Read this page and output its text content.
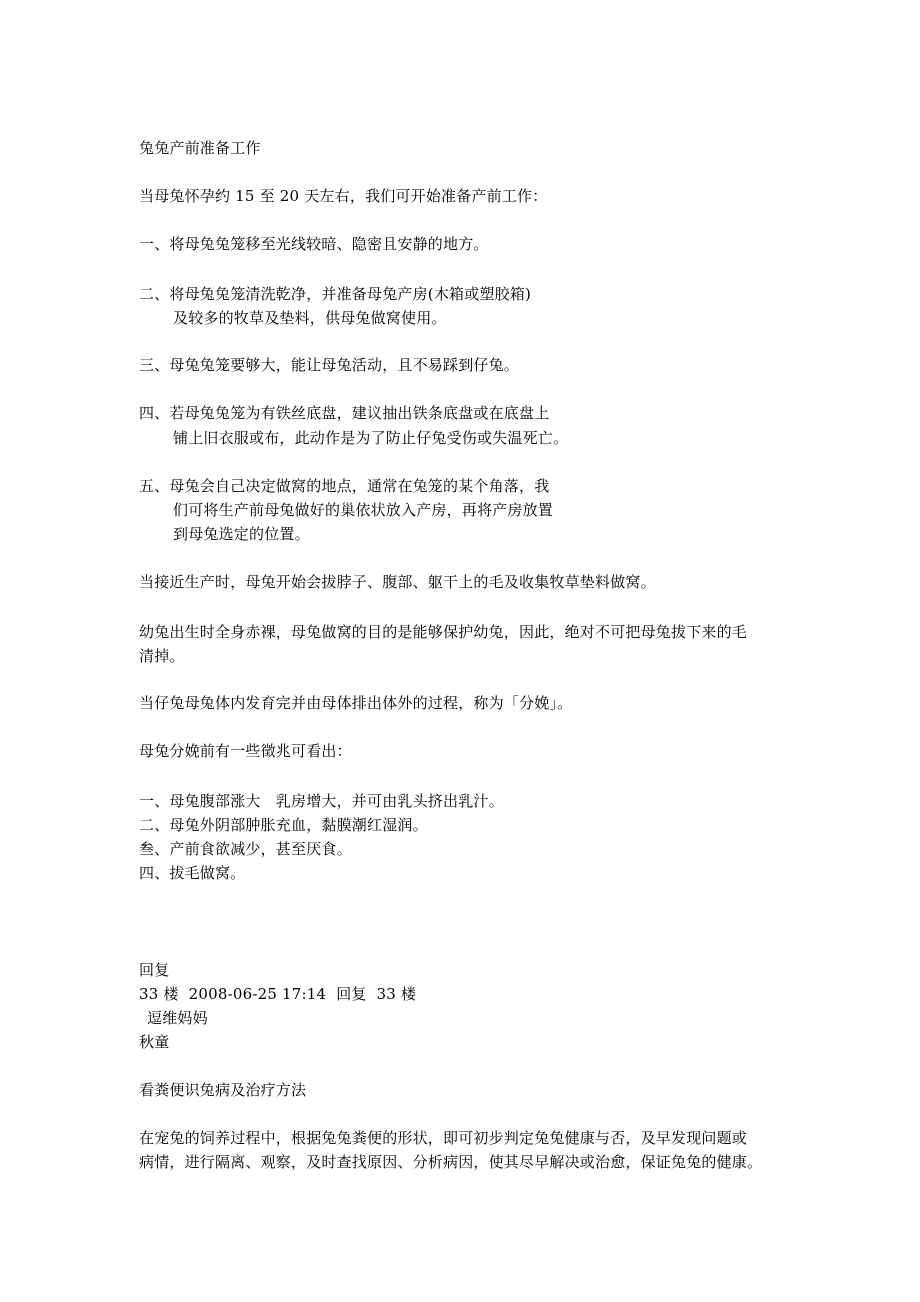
兔兔产前准备工作
当母兔怀孕约 15 至 20 天左右，我们可开始准备产前工作：
一、将母兔兔笼移至光线较暗、隐密且安静的地方。
二、将母兔兔笼清洗乾净，并准备母兔产房(木箱或塑胶箱)
及较多的牧草及垫料，供母兔做窝使用。
三、母兔兔笼要够大，能让母兔活动，且不易踩到仔兔。
四、若母兔兔笼为有铁丝底盘，建议抽出铁条底盘或在底盘上
铺上旧衣服或布，此动作是为了防止仔兔受伤或失温死亡。
五、母兔会自己决定做窝的地点，通常在兔笼的某个角落，我
们可将生产前母兔做好的巢依状放入产房，再将产房放置
到母兔选定的位置。
当接近生产时，母兔开始会拔脖子、腹部、躯干上的毛及收集牧草垫料做窝。
幼兔出生时全身赤裸，母兔做窝的目的是能够保护幼兔，因此，绝对不可把母兔拔下来的毛
清掉。
当仔兔母兔体内发育完并由母体排出体外的过程，称为「分娩」。
母兔分娩前有一些徵兆可看出：
一、母兔腹部涨大　乳房增大，并可由乳头挤出乳汁。
二、母兔外阴部肿胀充血，黏膜潮红湿润。
叁、产前食欲减少，甚至厌食。
四、拔毛做窝。
回复
33 楼  2008-06-25 17:14  回复  33 楼
逗维妈妈
秋童
看粪便识兔病及治疗方法
在宠兔的饲养过程中，根据兔兔粪便的形状，即可初步判定兔兔健康与否，及早发现问题或
病情，进行隔离、观察，及时查找原因、分析病因，使其尽早解决或治愈，保证兔兔的健康。
